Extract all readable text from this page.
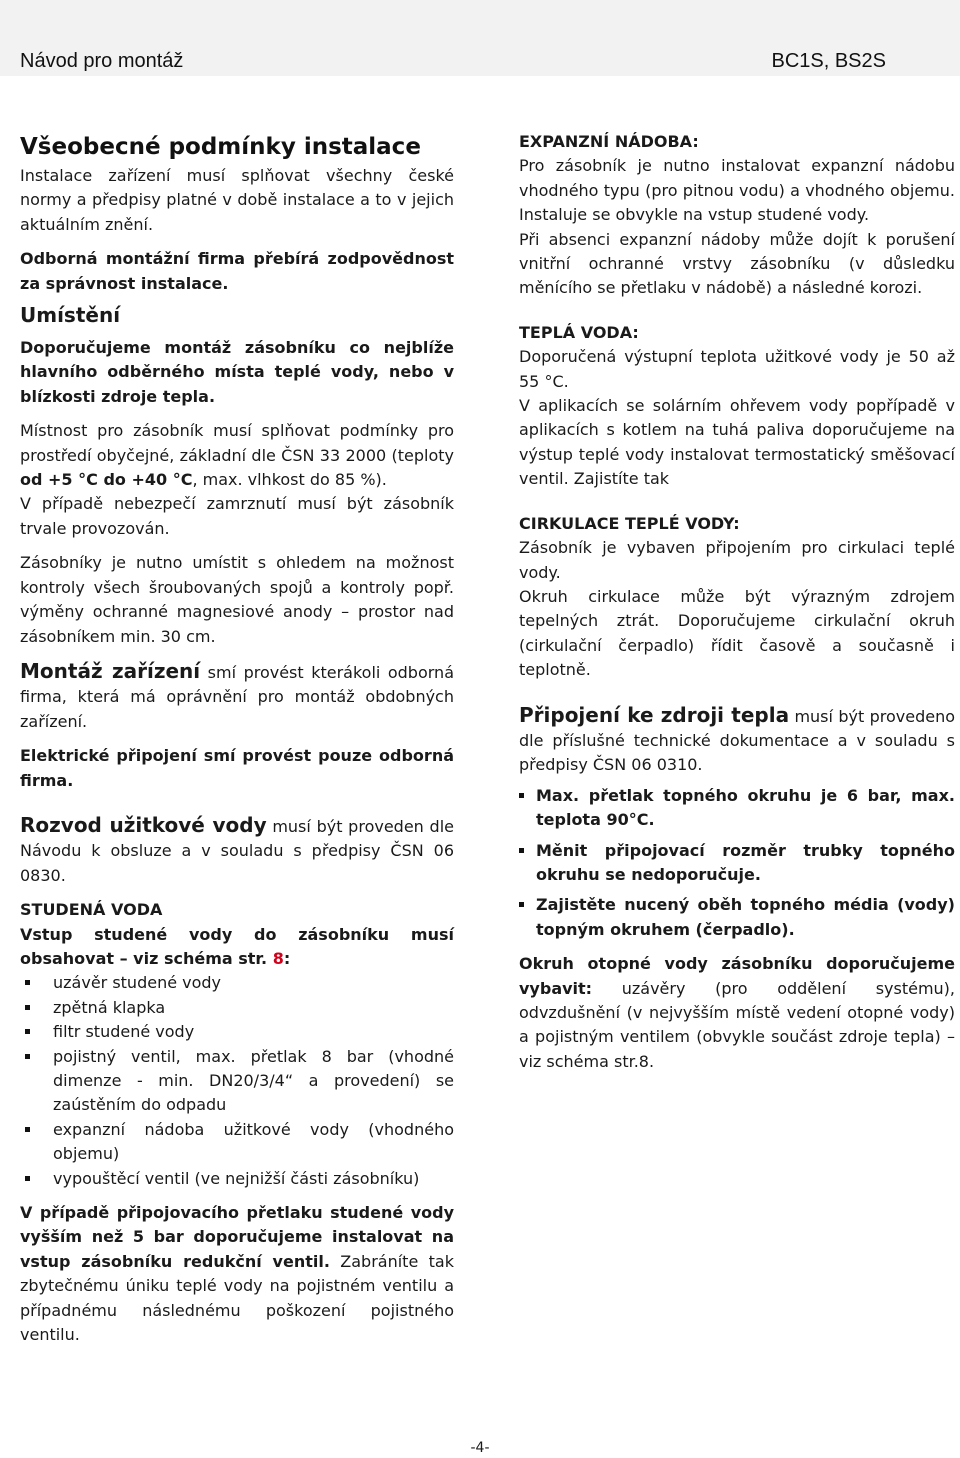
Návod pro montáž	BC1S, BS2S
Všeobecné podmínky instalace

Instalace zařízení musí splňovat všechny české normy a předpisy platné v době instalace a to v jejich aktuálním znění.

Odborná montážní firma přebírá zodpovědnost za správnost instalace.

Umístění

Doporučujeme montáž zásobníku co nejblíže hlavního odběrného místa teplé vody, nebo v blízkosti zdroje tepla.

Místnost pro zásobník musí splňovat podmínky pro prostředí obyčejné, základní dle ČSN 33 2000 (teploty od +5 °C do +40 °C, max. vlhkost do 85 %).

V případě nebezpečí zamrznutí musí být zásobník trvale provozován.

Zásobníky je nutno umístit s ohledem na možnost kontroly všech šroubovaných spojů a kontroly popř. výměny ochranné magnesiové anody – prostor nad zásobníkem min. 30 cm.

Montáž zařízení smí provést kterákoli odborná firma, která má oprávnění pro montáž obdobných zařízení.

Elektrické připojení smí provést pouze odborná firma.

Rozvod užitkové vody musí být proveden dle Návodu k obsluze a v souladu s předpisy ČSN 06 0830.

STUDENÁ VODA

Vstup studené vody do zásobníku musí obsahovat – viz schéma str. 8:

uzávěr studené vody
zpětná klapka
filtr studené vody
pojistný ventil, max. přetlak 8 bar (vhodné dimenze - min. DN20/3/4“ a provedení) se zaústěním do odpadu
expanzní nádoba užitkové vody (vhodného objemu)
vypouštěcí ventil (ve nejnižší části zásobníku)

V případě připojovacího přetlaku studené vody vyšším než 5 bar doporučujeme instalovat na vstup zásobníku redukční ventil. Zabráníte tak zbytečnému úniku teplé vody na pojistném ventilu a případnému následnému poškození pojistného ventilu.

EXPANZNÍ NÁDOBA:

Pro zásobník je nutno instalovat expanzní nádobu vhodného typu (pro pitnou vodu) a vhodného objemu. Instaluje se obvykle na vstup studené vody.

Při absenci expanzní nádoby může dojít k porušení vnitřní ochranné vrstvy zásobníku (v důsledku měnícího se přetlaku v nádobě) a následné korozi.

TEPLÁ VODA:

Doporučená výstupní teplota užitkové vody je 50 až 55 °C.

V aplikacích se solárním ohřevem vody popřípadě v aplikacích s kotlem na tuhá paliva doporučujeme na výstup teplé vody instalovat termostatický směšovací ventil. Zajistíte tak

CIRKULACE TEPLÉ VODY:

Zásobník je vybaven připojením pro cirkulaci teplé vody.

Okruh cirkulace může být výrazným zdrojem tepelných ztrát. Doporučujeme cirkulační okruh (cirkulační čerpadlo) řídit časově a současně i teplotně.

Připojení ke zdroji tepla musí být provedeno dle příslušné technické dokumentace a v souladu s předpisy ČSN 06 0310.

Max. přetlak topného okruhu je 6 bar, max. teplota 90°C.
Měnit připojovací rozměr trubky topného okruhu se nedoporučuje.
Zajistěte nucený oběh topného média (vody) topným okruhem (čerpadlo).

Okruh otopné vody zásobníku doporučujeme vybavit: uzávěry (pro oddělení systému), odvzdušnění (v nejvyšším místě vedení otopné vody) a pojistným ventilem (obvykle součást zdroje tepla) – viz schéma str.8.

-4-
